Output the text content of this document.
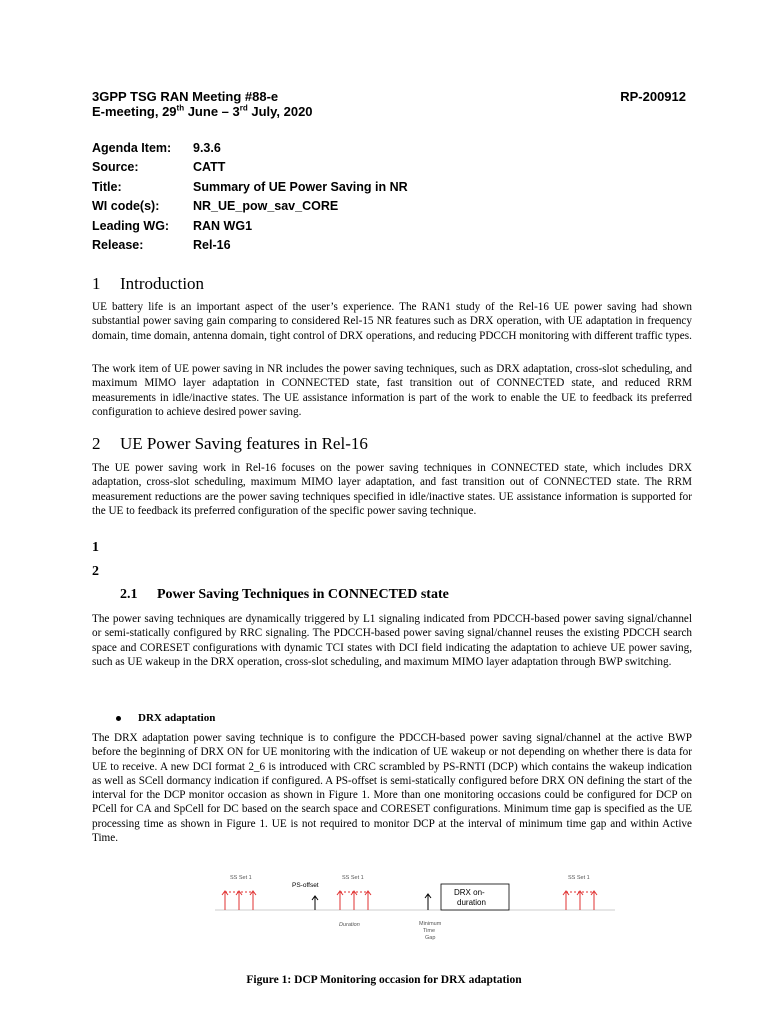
3GPP TSG RAN Meeting #88-e
E-meeting, 29th June – 3rd July, 2020
RP-200912
Agenda Item:	9.3.6
Source:	CATT
Title:	Summary of UE Power Saving in NR
WI code(s):	NR_UE_pow_sav_CORE
Leading WG:	RAN WG1
Release:	Rel-16
1	Introduction

UE battery life is an important aspect of the user’s experience. The RAN1 study of the Rel-16 UE power saving had shown substantial power saving gain comparing to considered Rel-15 NR features such as DRX operation, with UE adaptation in frequency domain, time domain, antenna domain, tight control of DRX operations, and reducing PDCCH monitoring with different traffic types.

The work item of UE power saving in NR includes the power saving techniques, such as DRX adaptation, cross-slot scheduling, and maximum MIMO layer adaptation in CONNECTED state, fast transition out of CONNECTED state, and reduced RRM measurements in idle/inactive states. The UE assistance information is part of the work to enable the UE to feedback its preferred configuration to achieve desired power saving.

2	UE Power Saving features in Rel-16

The UE power saving work in Rel-16 focuses on the power saving techniques in CONNECTED state, which includes DRX adaptation, cross-slot scheduling, maximum MIMO layer adaptation, and fast transition out of CONNECTED state. The RRM measurement reductions are the power saving techniques specified in idle/inactive states. UE assistance information is supported for the UE to feedback its preferred configuration of the specific power saving technique.

1
2
2.1	Power Saving Techniques in CONNECTED state

The power saving techniques are dynamically triggered by L1 signaling indicated from PDCCH-based power saving signal/channel or semi-statically configured by RRC signaling. The PDCCH-based power saving signal/channel reuses the existing PDCCH search space and CORESET configurations with dynamic TCI states with DCI field indicating the adaptation to achieve UE power saving, such as UE wakeup in the DRX operation, cross-slot scheduling, and maximum MIMO layer adaptation through BWP switching.

DRX adaptation

The DRX adaptation power saving technique is to configure the PDCCH-based power saving signal/channel at the active BWP before the beginning of DRX ON for UE monitoring with the indication of UE wakeup or not depending on whether there is data for UE to receive. A new DCI format 2_6 is introduced with CRC scrambled by PS-RNTI (DCP) which contains the wakeup indication as well as SCell dormancy indication if configured. A PS-offset is semi-statically configured before DRX ON defining the start of the interval for the DCP monitor occasion as shown in Figure 1. More than one monitoring occasions could be configured for DCP on PCell for CA and SpCell for DC based on the search space and CORESET configurations. Minimum time gap is specified as the UE processing time as shown in Figure 1. UE is not required to monitor DCP at the interval of minimum time gap and within Active Time.

SS Set 1
PS-offset
SS Set 1
Duration	Minimum
Time
Gap
DRX on-
duration
SS Set 1
Figure 1: DCP Monitoring occasion for DRX adaptation
